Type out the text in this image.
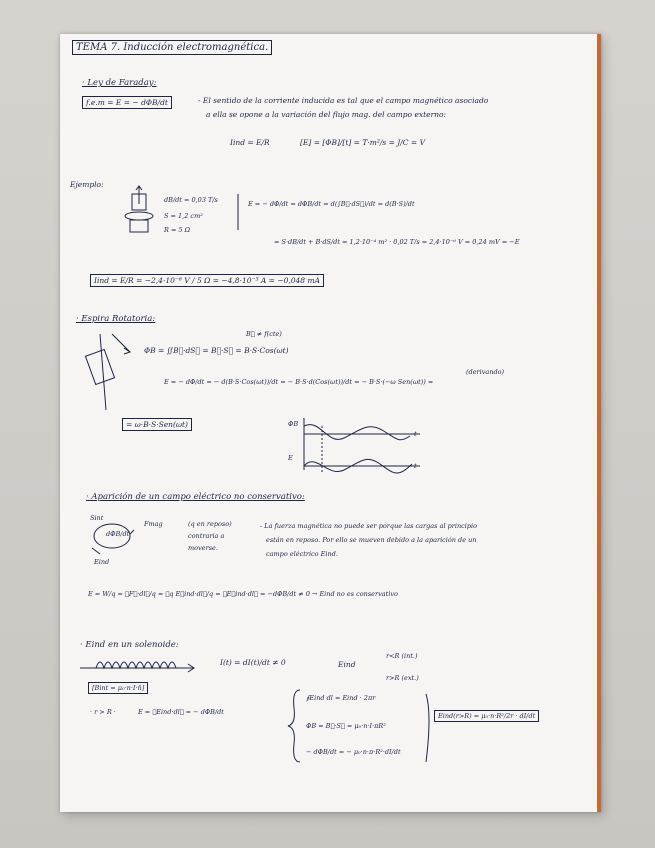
TEMA 7. Inducción electromagnética.
· Ley de Faraday:
f.e.m = E = − dΦB/dt	- El sentido de la corriente inducida es tal que el campo magnético asociado
a ella se opone a la variación del flujo mag. del campo externo:
Iind = E/R	[E] = [ΦB]/[t] = T·m²/s = J/C = V
Ejemplo:
dB/dt = 0,03 T/s
S = 1,2 cm²
R = 5 Ω
E = − dΦ/dt = dΦB/dt = d(∫B⃗·dS⃗)/dt = d(B·S)/dt
= S·dB/dt + B·dS/dt = 1,2·10⁻⁴ m² · 0,02 T/s = 2,4·10⁻⁶ V = 0,24 mV = −E
Iind = E/R = −2,4·10⁻⁶ V / 5 Ω = −4,8·10⁻⁵ A = −0,048 mA
· Espira Rotatoria:
B⃗ ≠ f(cte)
ΦB = ∬B⃗·dS⃗ = B⃗·S⃗ = B·S·Cos(ωt)
(derivando)
E = − dΦ/dt = − d(B·S·Cos(ωt))/dt = − B·S·d(Cos(ωt))/dt = − B·S·(−ω Sen(ωt)) =
= ω·B·S·Sen(ωt)	ΦB
E
t
t
· Aparición de un campo eléctrico no conservativo:
Sint
dΦB/dt
Eind
Fmag	(q en reposo)
contraria a
moverse.
- La fuerza magnética no puede ser porque las cargas al principio
están en reposo. Por ello se mueven debido a la aparición de un
campo eléctrico Eind.
E = W/q = ∮F⃗·dl⃗/q = ∮q E⃗ind·dl⃗/q = ∮E⃗ind·dl⃗ = −dΦB/dt ≠ 0 → Eind no es conservativo
· Eind en un solenoide:
[Bint = μ₀·n·I·n̂]
I(t) = dI(t)/dt ≠ 0	Eind
r<R (int.)
r>R (ext.)
· r > R ·	E = ∮Eind·dl⃗ = − dΦB/dt
∮Eind dl = Eind · 2πr
ΦB = B⃗·S⃗ = μ₀·n·I·πR²
− dΦB/dt = − μ₀·n·π·R²·dI/dt
Eind(r>R) = μ₀·n·R²/2r · dI/dt
